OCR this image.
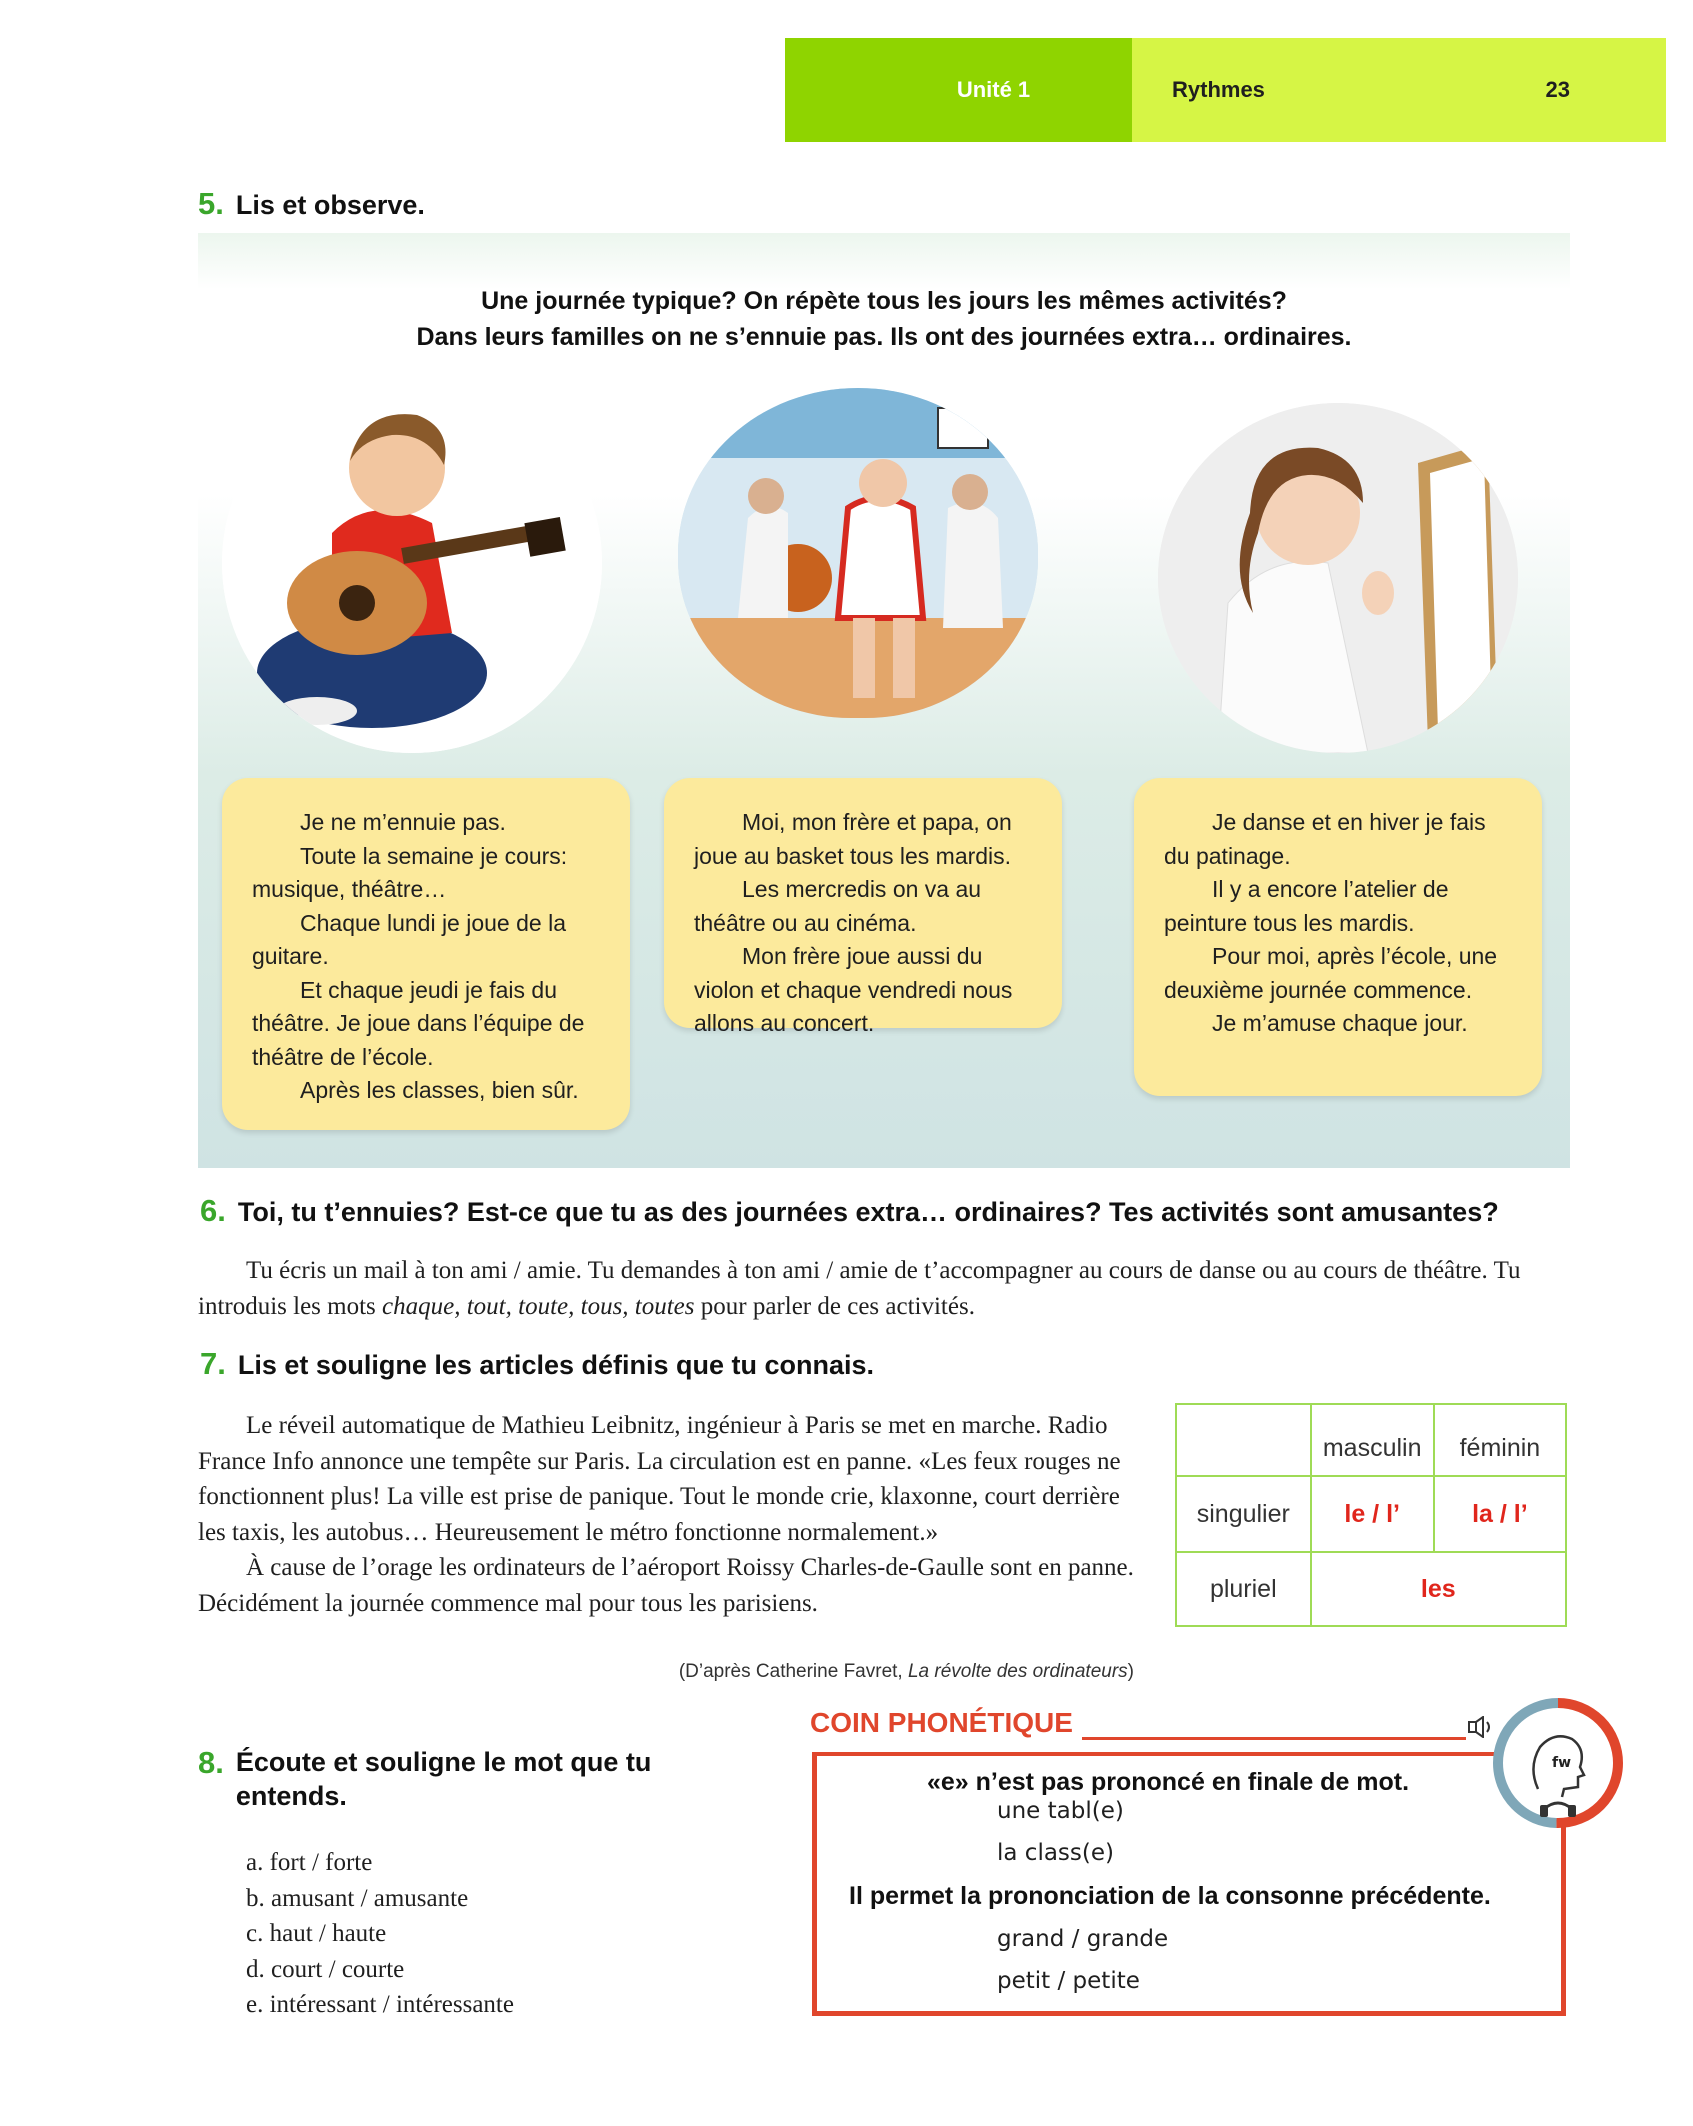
Unité 1	Rythmes	23
5. Lis et observe.
Une journée typique? On répète tous les jours les mêmes activités?
Dans leurs familles on ne s’ennuie pas. Ils ont des journées extra… ordinaires.

Je ne m’ennuie pas.

Toute la semaine je cours: musique, théâtre…

Chaque lundi je joue de la guitare.

Et chaque jeudi je fais du théâtre. Je joue dans l’équipe de théâtre de l’école.

Après les classes, bien sûr.

Moi, mon frère et papa, on joue au basket tous les mardis.

Les mercredis on va au théâtre ou au cinéma.

Mon frère joue aussi du violon et chaque vendredi nous allons au concert.

Je danse et en hiver je fais du patinage.

Il y a encore l’atelier de peinture tous les mardis.

Pour moi, après l’école, une deuxième journée commence.

Je m’amuse chaque jour.

6. Toi, tu t’ennuies? Est-ce que tu as des journées extra… ordinaires? Tes activités sont amusantes?

Tu écris un mail à ton ami / amie. Tu demandes à ton ami / amie de t’accompagner au cours de danse ou au cours de théâtre. Tu introduis les mots chaque, tout, toute, tous, toutes pour parler de ces activités.

7. Lis et souligne les articles définis que tu connais.

Le réveil automatique de Mathieu Leibnitz, ingénieur à Paris se met en marche. Radio France Info annonce une tempête sur Paris. La circulation est en panne. «Les feux rouges ne fonctionnent plus! La ville est prise de panique. Tout le monde crie, klaxonne, court derrière les taxis, les autobus… Heureusement le métro fonctionne normalement.»

À cause de l’orage les ordinateurs de l’aéroport Roissy Charles-de-Gaulle sont en panne. Décidément la journée commence mal pour tous les parisiens.

(D’après Catherine Favret, La révolte des ordinateurs)
	masculin	féminin
singulier	le / l’	la / l’
pluriel	les	
8. Écoute et souligne le mot que tu entends.
a. fort / forte
b. amusant / amusante
c. haut / haute
d. court / courte
e. intéressant / intéressante
COIN PHONÉTIQUE
«e» n’est pas prononcé en finale de mot.
une tabl(e)
la class(e)
Il permet la prononciation de la consonne précédente.
grand / grande
petit / petite
fw
